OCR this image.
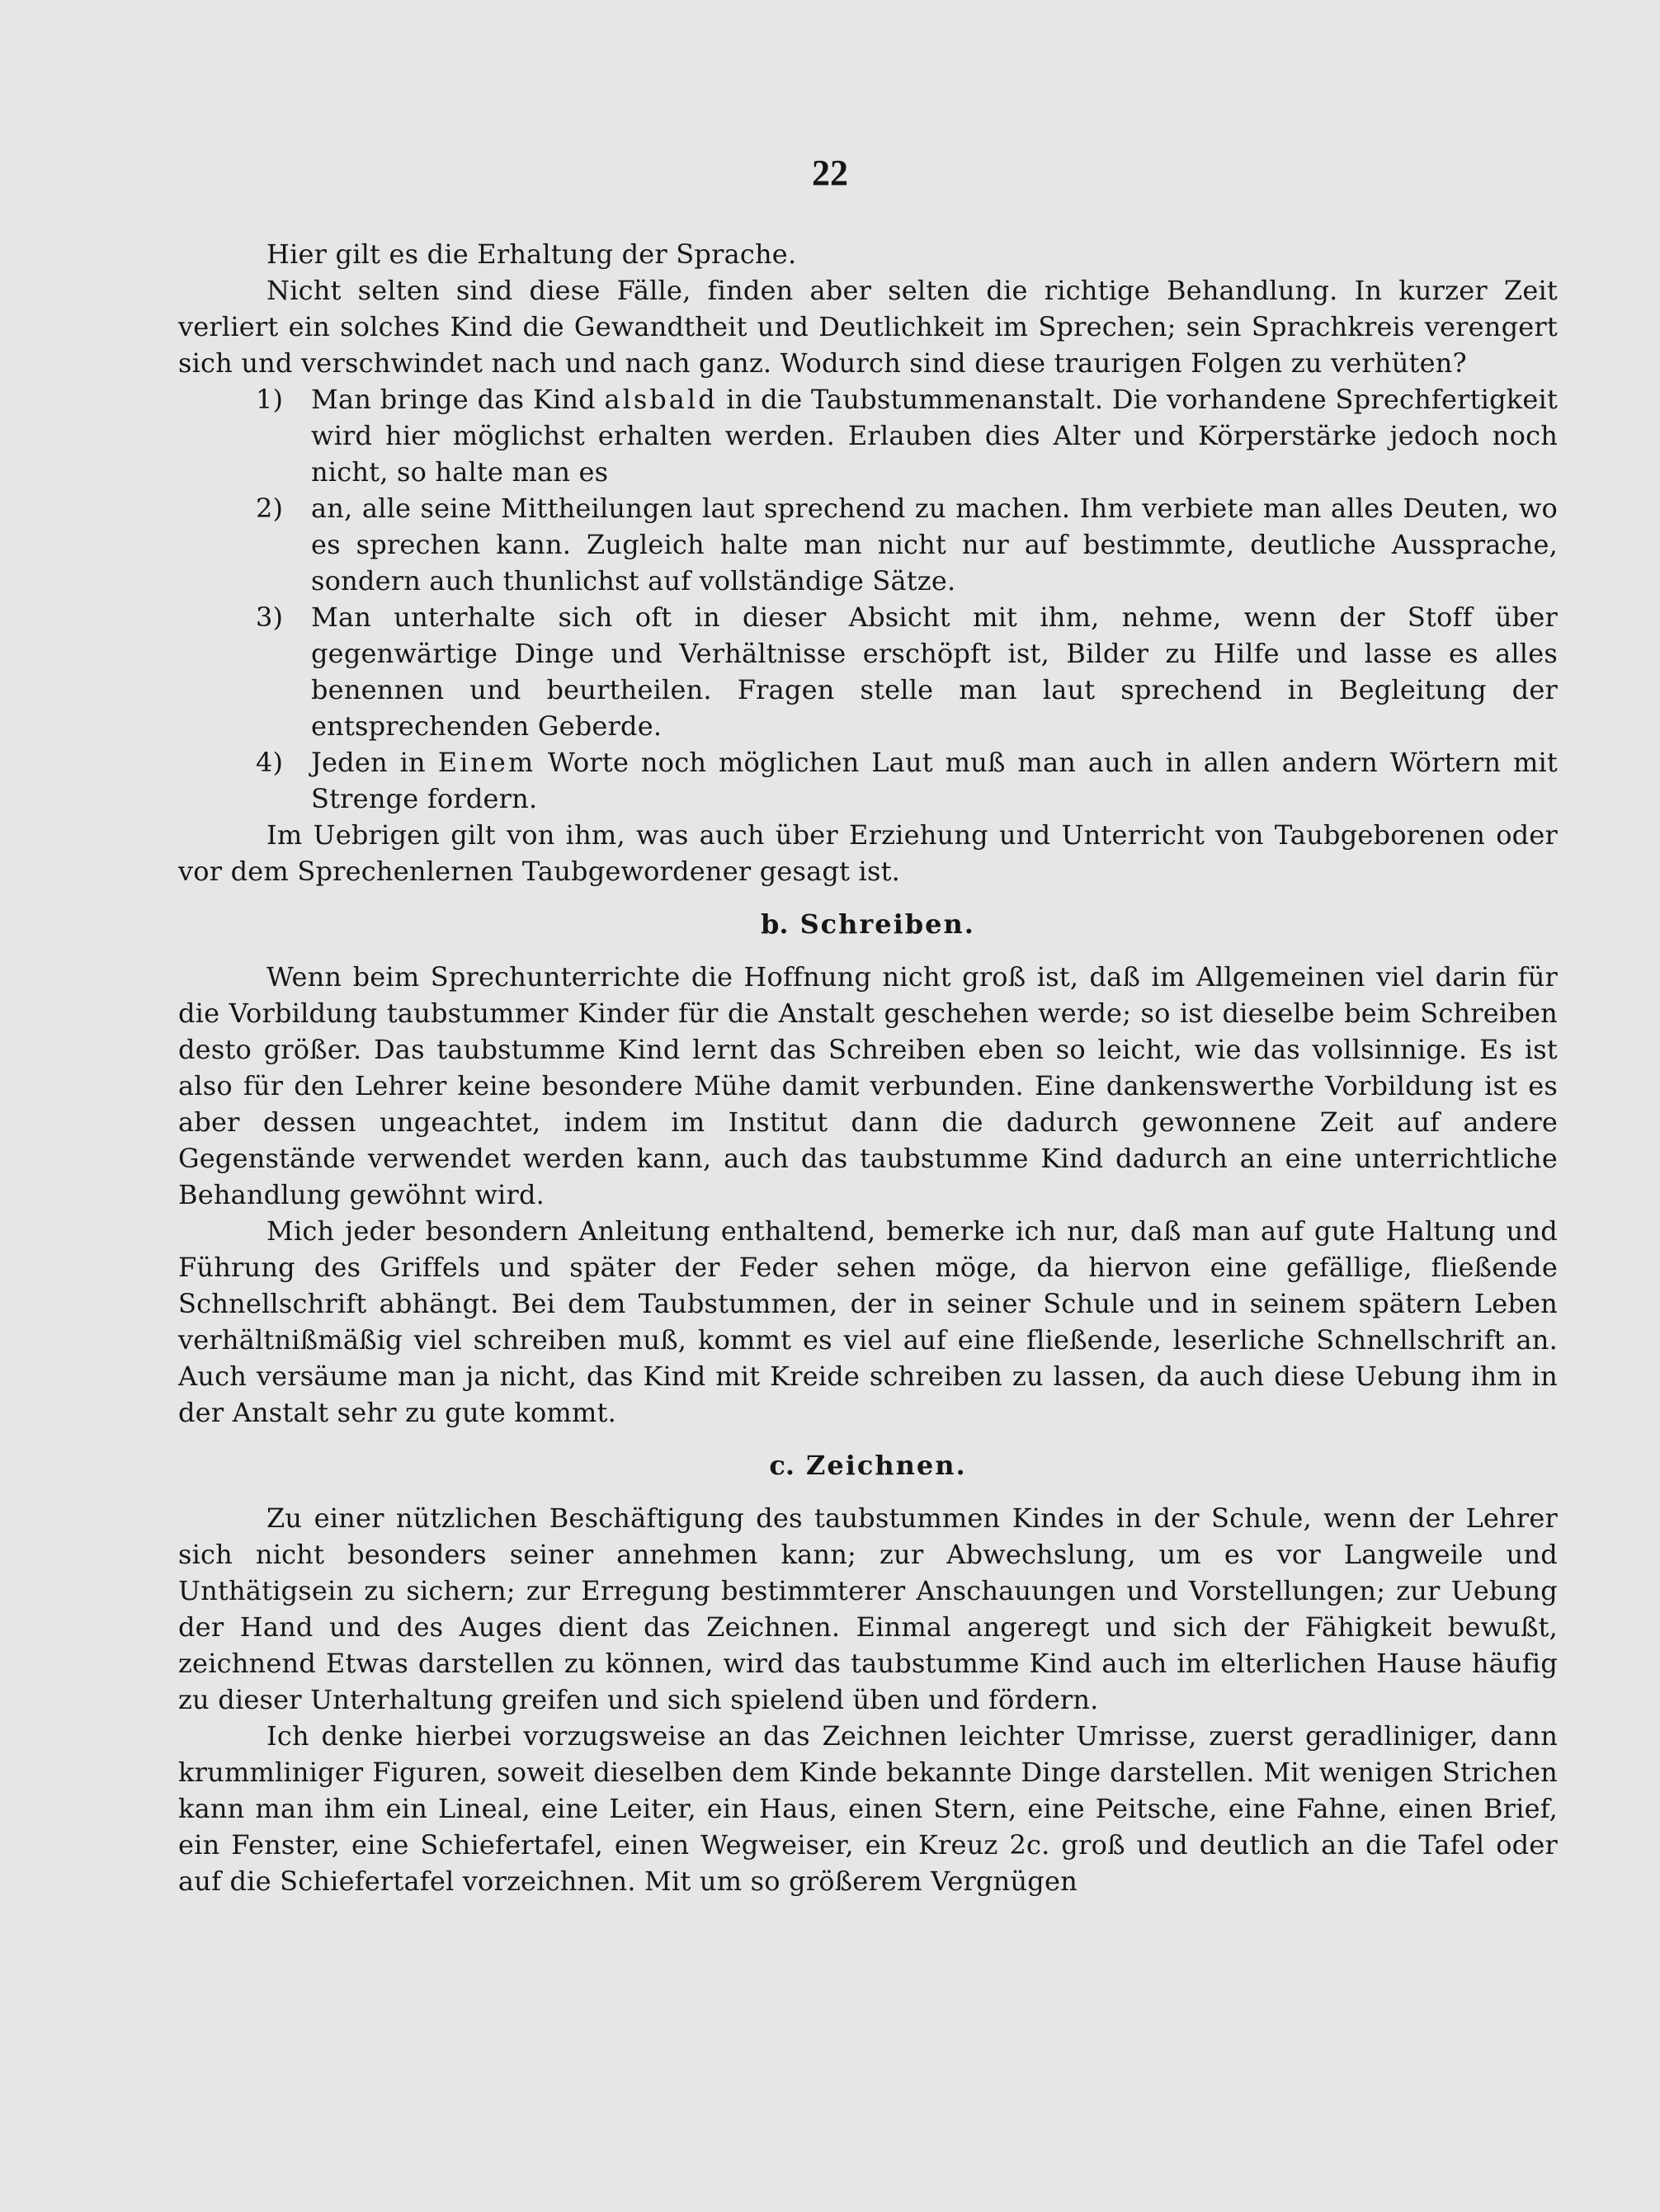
22

Hier gilt es die Erhaltung der Sprache.

Nicht selten sind diese Fälle, finden aber selten die richtige Behandlung. In kurzer Zeit verliert ein solches Kind die Gewandtheit und Deutlichkeit im Sprechen; sein Sprachkreis verengert sich und verschwindet nach und nach ganz. Wodurch sind diese traurigen Folgen zu verhüten?

1)	Man bringe das Kind alsbald in die Taubstummenanstalt. Die vorhandene Sprechfertigkeit wird hier möglichst erhalten werden. Erlauben dies Alter und Körperstärke jedoch noch nicht, so halte man es

2)	an, alle seine Mittheilungen laut sprechend zu machen. Ihm verbiete man alles Deuten, wo es sprechen kann. Zugleich halte man nicht nur auf bestimmte, deutliche Aussprache, sondern auch thunlichst auf vollständige Sätze.

3)	Man unterhalte sich oft in dieser Absicht mit ihm, nehme, wenn der Stoff über gegenwärtige Dinge und Verhältnisse erschöpft ist, Bilder zu Hilfe und lasse es alles benennen und beurtheilen. Fragen stelle man laut sprechend in Begleitung der entsprechenden Geberde.

4)	Jeden in Einem Worte noch möglichen Laut muß man auch in allen andern Wörtern mit Strenge fordern.

Im Uebrigen gilt von ihm, was auch über Erziehung und Unterricht von Taubgeborenen oder vor dem Sprechenlernen Taubgewordener gesagt ist.

b. Schreiben.

Wenn beim Sprechunterrichte die Hoffnung nicht groß ist, daß im Allgemeinen viel darin für die Vorbildung taubstummer Kinder für die Anstalt geschehen werde; so ist dieselbe beim Schreiben desto größer. Das taubstumme Kind lernt das Schreiben eben so leicht, wie das vollsinnige. Es ist also für den Lehrer keine besondere Mühe damit verbunden. Eine dankenswerthe Vorbildung ist es aber dessen ungeachtet, indem im Institut dann die dadurch gewonnene Zeit auf andere Gegenstände verwendet werden kann, auch das taubstumme Kind dadurch an eine unterrichtliche Behandlung gewöhnt wird.

Mich jeder besondern Anleitung enthaltend, bemerke ich nur, daß man auf gute Haltung und Führung des Griffels und später der Feder sehen möge, da hiervon eine gefällige, fließende Schnellschrift abhängt. Bei dem Taubstummen, der in seiner Schule und in seinem spätern Leben verhältnißmäßig viel schreiben muß, kommt es viel auf eine fließende, leserliche Schnellschrift an. Auch versäume man ja nicht, das Kind mit Kreide schreiben zu lassen, da auch diese Uebung ihm in der Anstalt sehr zu gute kommt.

c. Zeichnen.

Zu einer nützlichen Beschäftigung des taubstummen Kindes in der Schule, wenn der Lehrer sich nicht besonders seiner annehmen kann; zur Abwechslung, um es vor Langweile und Unthätigsein zu sichern; zur Erregung bestimmterer Anschauungen und Vorstellungen; zur Uebung der Hand und des Auges dient das Zeichnen. Einmal angeregt und sich der Fähigkeit bewußt, zeichnend Etwas darstellen zu können, wird das taubstumme Kind auch im elterlichen Hause häufig zu dieser Unterhaltung greifen und sich spielend üben und fördern.

Ich denke hierbei vorzugsweise an das Zeichnen leichter Umrisse, zuerst geradliniger, dann krummliniger Figuren, soweit dieselben dem Kinde bekannte Dinge darstellen. Mit wenigen Strichen kann man ihm ein Lineal, eine Leiter, ein Haus, einen Stern, eine Peitsche, eine Fahne, einen Brief, ein Fenster, eine Schiefertafel, einen Wegweiser, ein Kreuz 2c. groß und deutlich an die Tafel oder auf die Schiefertafel vorzeichnen. Mit um so größerem Vergnügen
